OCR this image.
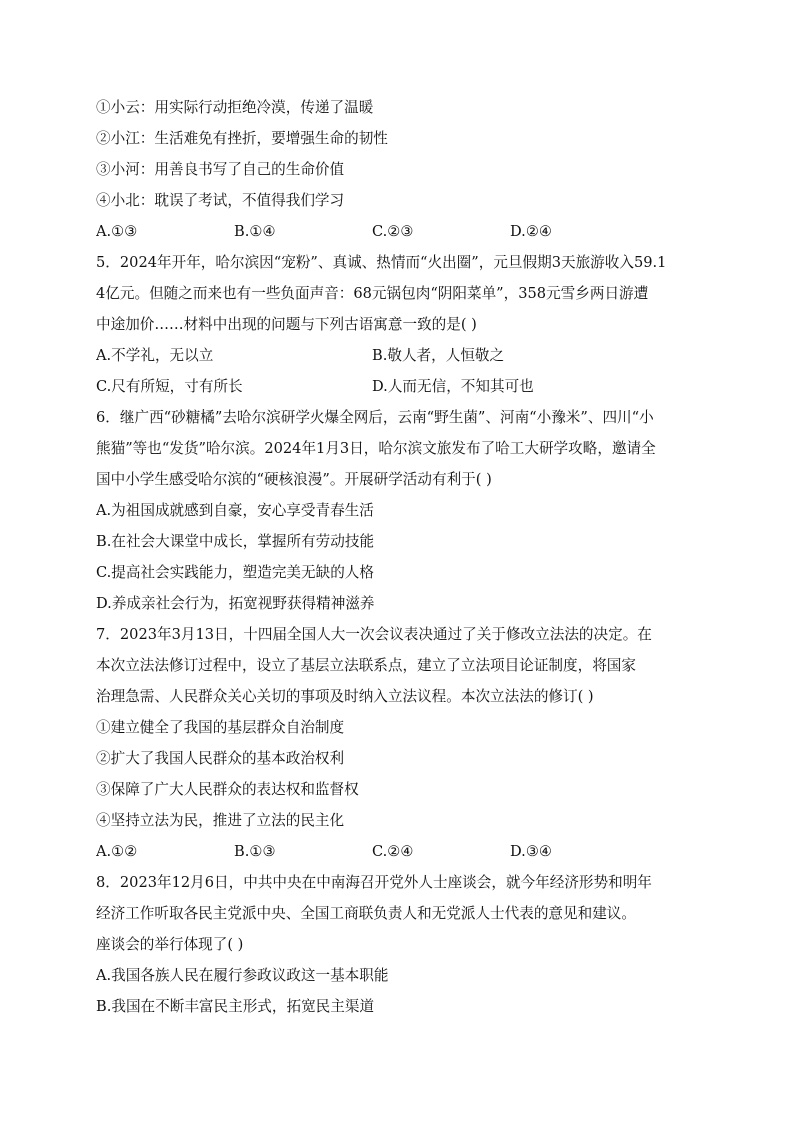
①小云：用实际行动拒绝冷漠，传递了温暖
②小江：生活难免有挫折，要增强生命的韧性
③小河：用善良书写了自己的生命价值
④小北：耽误了考试，不值得我们学习
A.①③	B.①④	C.②③	D.②④
5．2024年开年，哈尔滨因“宠粉”、真诚、热情而“火出圈”，元旦假期3天旅游收入59.1
4亿元。但随之而来也有一些负面声音：68元锅包肉“阴阳菜单”，358元雪乡两日游遭
中途加价……材料中出现的问题与下列古语寓意一致的是( )
A.不学礼，无以立	B.敬人者，人恒敬之
C.尺有所短，寸有所长	D.人而无信，不知其可也
6．继广西“砂糖橘”去哈尔滨研学火爆全网后，云南“野生菌”、河南“小豫米”、四川“小
熊猫”等也“发货”哈尔滨。2024年1月3日，哈尔滨文旅发布了哈工大研学攻略，邀请全
国中小学生感受哈尔滨的“硬核浪漫”。开展研学活动有利于( )
A.为祖国成就感到自豪，安心享受青春生活
B.在社会大课堂中成长，掌握所有劳动技能
C.提高社会实践能力，塑造完美无缺的人格
D.养成亲社会行为，拓宽视野获得精神滋养
7．2023年3月13日，十四届全国人大一次会议表决通过了关于修改立法法的决定。在
本次立法法修订过程中，设立了基层立法联系点，建立了立法项目论证制度，将国家
治理急需、人民群众关心关切的事项及时纳入立法议程。本次立法法的修订( )
①建立健全了我国的基层群众自治制度
②扩大了我国人民群众的基本政治权利
③保障了广大人民群众的表达权和监督权
④坚持立法为民，推进了立法的民主化
A.①②	B.①③	C.②④	D.③④
8．2023年12月6日，中共中央在中南海召开党外人士座谈会，就今年经济形势和明年
经济工作听取各民主党派中央、全国工商联负责人和无党派人士代表的意见和建议。
座谈会的举行体现了( )
A.我国各族人民在履行参政议政这一基本职能
B.我国在不断丰富民主形式，拓宽民主渠道
